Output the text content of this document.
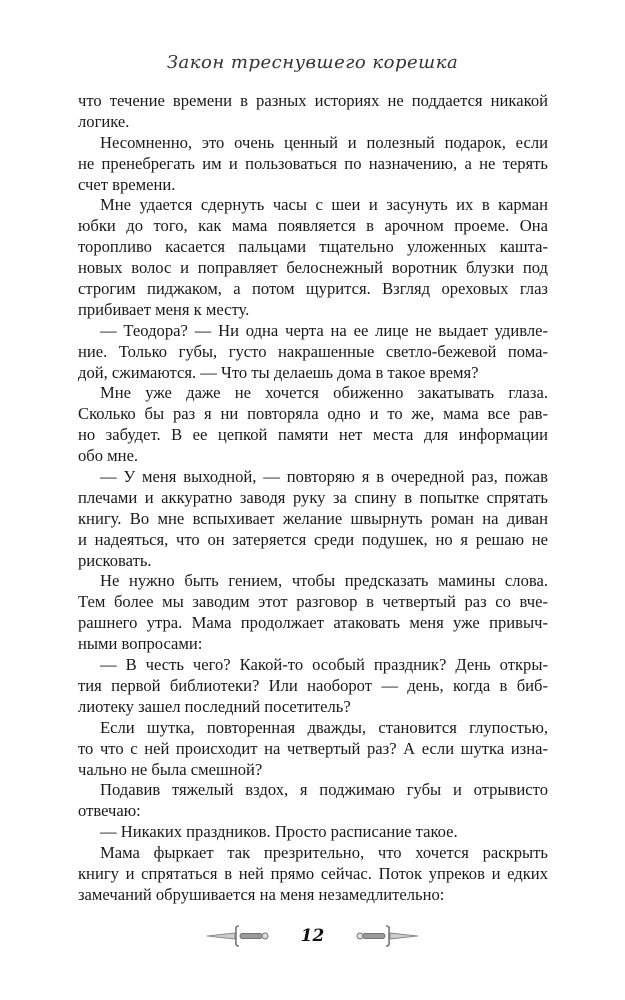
Закон треснувшего корешка
что течение времени в разных историях не поддается никакой
логике.
Несомненно, это очень ценный и полезный подарок, если
не пренебрегать им и пользоваться по назначению, а не терять
счет времени.
Мне удается сдернуть часы с шеи и засунуть их в карман
юбки до того, как мама появляется в арочном проеме. Она
торопливо касается пальцами тщательно уложенных кашта-
новых волос и поправляет белоснежный воротник блузки под
строгим пиджаком, а потом щурится. Взгляд ореховых глаз
прибивает меня к месту.
— Теодора? — Ни одна черта на ее лице не выдает удивле-
ние. Только губы, густо накрашенные светло-бежевой пома-
дой, сжимаются. — Что ты делаешь дома в такое время?
Мне уже даже не хочется обиженно закатывать глаза.
Сколько бы раз я ни повторяла одно и то же, мама все рав-
но забудет. В ее цепкой памяти нет места для информации
обо мне.
— У меня выходной, — повторяю я в очередной раз, пожав
плечами и аккуратно заводя руку за спину в попытке спрятать
книгу. Во мне вспыхивает желание швырнуть роман на диван
и надеяться, что он затеряется среди подушек, но я решаю не
рисковать.
Не нужно быть гением, чтобы предсказать мамины слова.
Тем более мы заводим этот разговор в четвертый раз со вче-
рашнего утра. Мама продолжает атаковать меня уже привыч-
ными вопросами:
— В честь чего? Какой-то особый праздник? День откры-
тия первой библиотеки? Или наоборот — день, когда в биб-
лиотеку зашел последний посетитель?
Если шутка, повторенная дважды, становится глупостью,
то что с ней происходит на четвертый раз? А если шутка изна-
чально не была смешной?
Подавив тяжелый вздох, я поджимаю губы и отрывисто
отвечаю:
— Никаких праздников. Просто расписание такое.
Мама фыркает так презрительно, что хочется раскрыть
книгу и спрятаться в ней прямо сейчас. Поток упреков и едких
замечаний обрушивается на меня незамедлительно:
12
